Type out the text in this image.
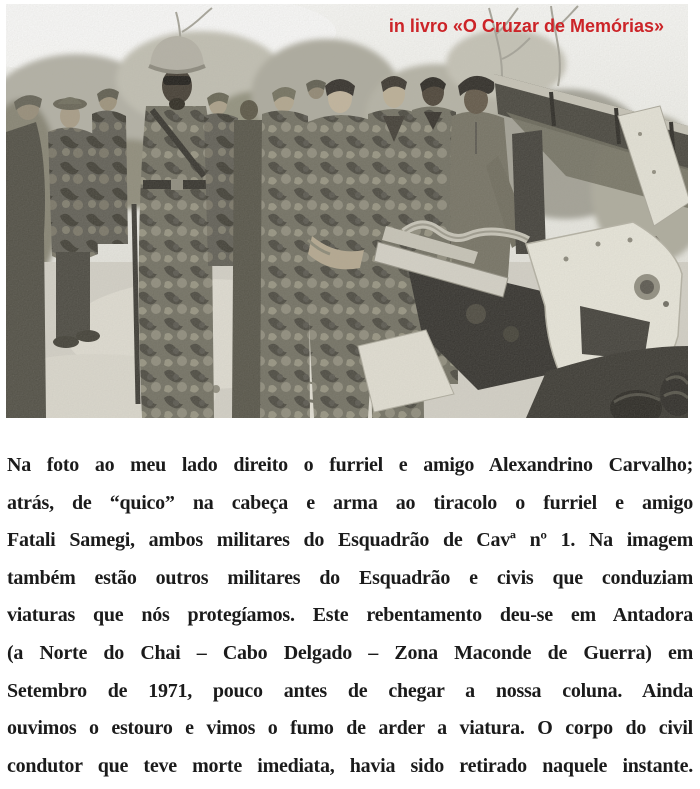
in livro «O Cruzar de Memórias»
Na foto ao meu lado direito o furriel e amigo Alexandrino Carvalho;
atrás, de “quico” na cabeça e arma ao tiracolo o furriel e amigo
Fatali Samegi, ambos militares do Esquadrão de Cavª nº 1. Na imagem
também estão outros militares do Esquadrão e civis que conduziam
viaturas que nós protegíamos. Este rebentamento deu-se em Antadora
(a Norte do Chai – Cabo Delgado – Zona Maconde de Guerra) em
Setembro de 1971, pouco antes de chegar a nossa coluna. Ainda
ouvimos o estouro e vimos o fumo de arder a viatura. O corpo do civil
condutor que teve morte imediata, havia sido retirado naquele instante.
